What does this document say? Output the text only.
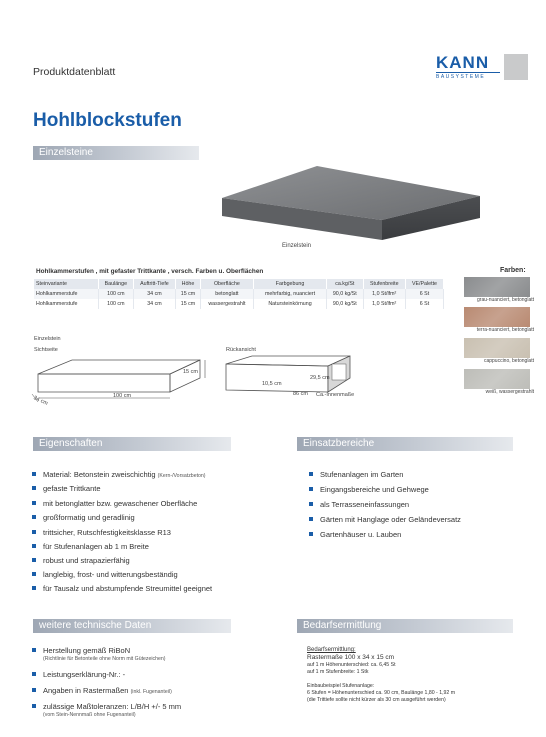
Produktdatenblatt	KANN
BAUSYSTEME
Hohlblockstufen
Einzelsteine
Einzelstein
Hohlkammerstufen , mit gefaster Trittkante , versch. Farben u. Oberflächen
Steinvariante	Baulänge	Auftritt-Tiefe	Höhe	Oberfläche	Farbgebung	ca.kg/St	Stufenbreite	VE/Palette
Hohlkammerstufe	100 cm	34 cm	15 cm	betonglatt	mehrfarbig, nuanciert	90,0 kg/St	1,0 St/lfm²	6 St
Hohlkammerstufe	100 cm	34 cm	15 cm	wassergestrahlt	Natursteinkörnung	90,0 kg/St	1,0 St/lfm²	6 St
Farben:
grau-nuanciert, betonglatt
terra-nuanciert, betonglatt
cappuccino, betonglatt
weiß, wassergestrahlt
Einzelstein
Sichtseite
15 cm
100 cm
34 cm
Rückansicht
10,5 cm
29,5 cm
86 cm Ca.-Innenmaße
Eigenschaften
Material: Betonstein zweischichtig (Kern-/Vorsatzbeton)
gefaste Trittkante
mit betonglatter bzw. gewaschener Oberfläche
großformatig und geradlinig
trittsicher, Rutschfestigkeitsklasse R13
für Stufenanlagen ab 1 m Breite
robust und strapazierfähig
langlebig, frost- und witterungsbeständig
für Tausalz und abstumpfende Streumittel geeignet
Einsatzbereiche
Stufenanlagen im Garten
Eingangsbereiche und Gehwege
als Terrasseneinfassungen
Gärten mit Hanglage oder Geländeversatz
Gartenhäuser u. Lauben
weitere technische Daten
Herstellung gemäß RiBoN
(Richtlinie für Betonteile ohne Norm mit Gütezeichen)
Leistungserklärung-Nr.: -
Angaben in Rastermaßen (inkl. Fugenanteil)
zulässige Maßtoleranzen: L/B/H +/- 5 mm
(vom Stein-Nennmaß ohne Fugenanteil)
Bedarfsermittlung
Bedarfsermittlung:
Rastermaße 100 x 34 x 15 cm
auf 1 m Höhenunterschied: ca. 6,45 St
auf 1 m Stufenbreite: 1 Stk
Einbaubeispiel Stufenanlage:
6 Stufen = Höhenunterschied ca. 90 cm, Baulänge 1,80 - 1,92 m
(die Trittiefe sollte nicht kürzer als 30 cm ausgeführt werden)
